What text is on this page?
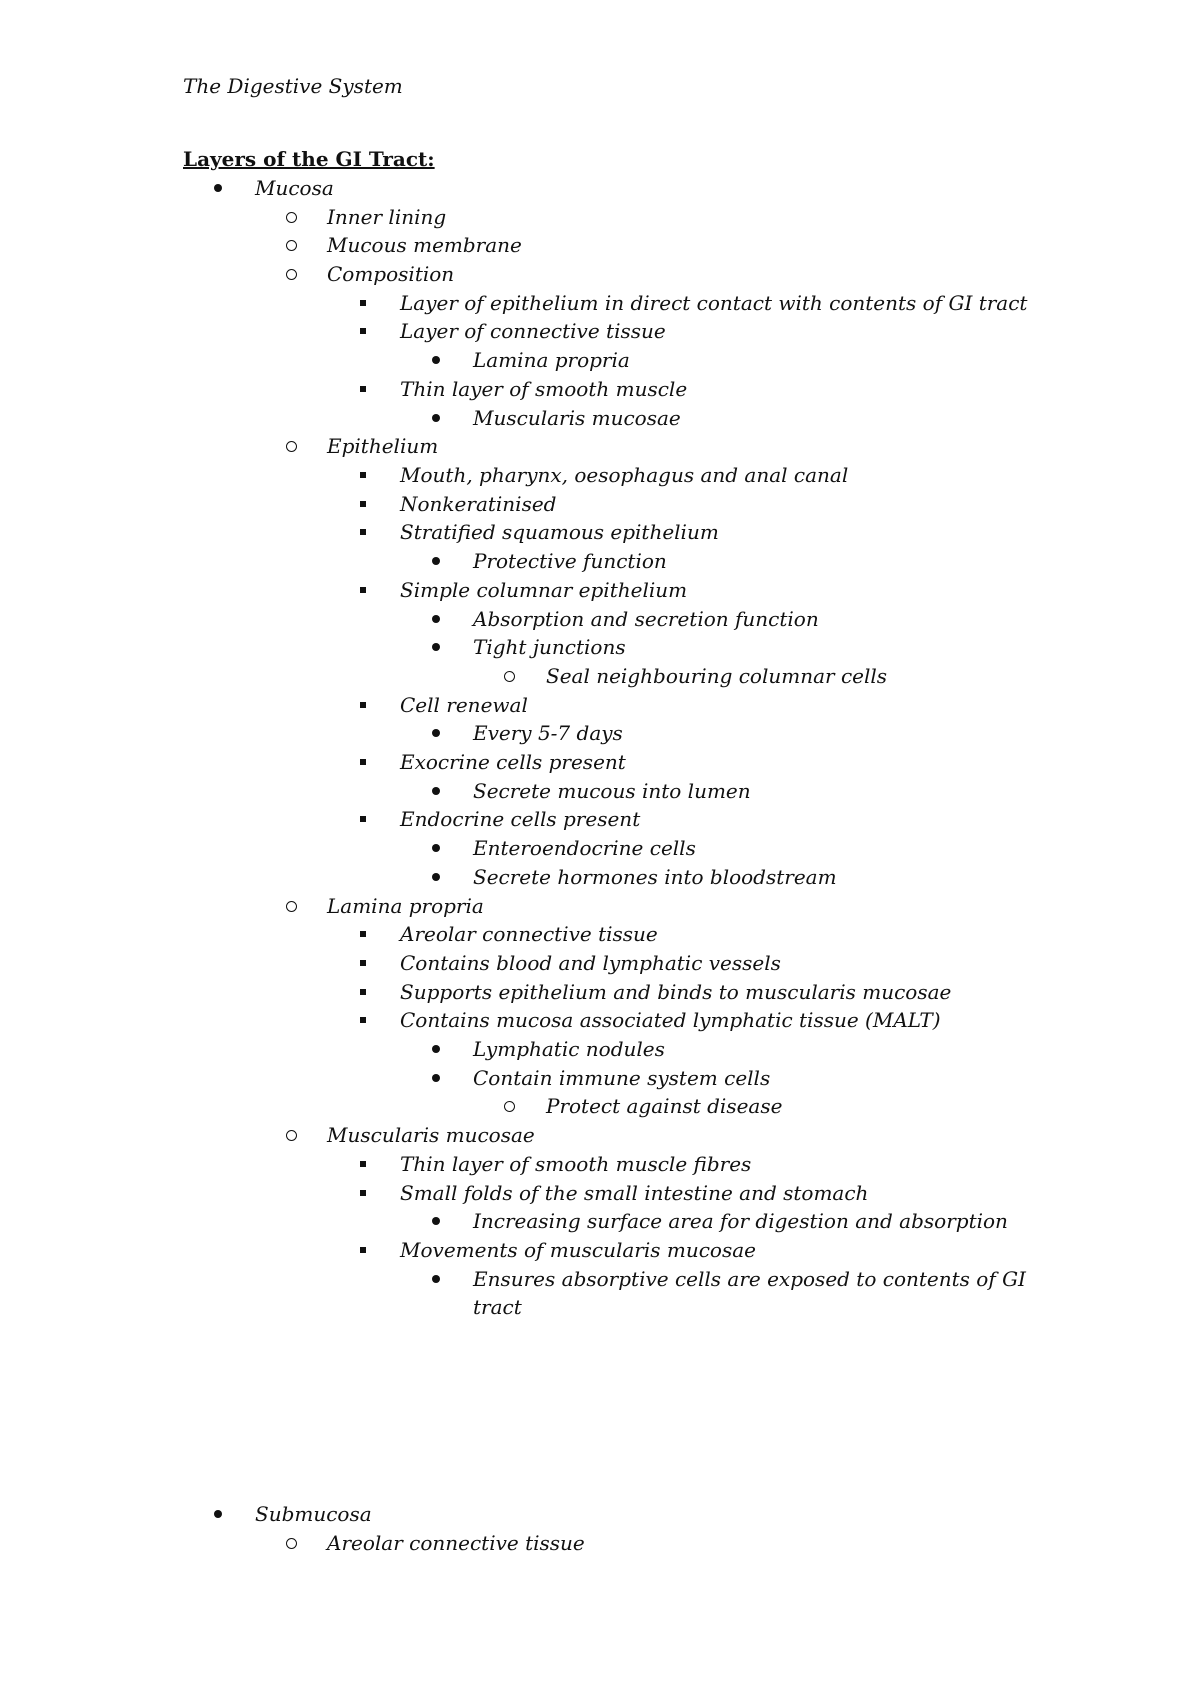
The Digestive System
Layers of the GI Tract:
Mucosa
Inner lining
Mucous membrane
Composition
Layer of epithelium in direct contact with contents of GI tract
Layer of connective tissue
Lamina propria
Thin layer of smooth muscle
Muscularis mucosae
Epithelium
Mouth, pharynx, oesophagus and anal canal
Nonkeratinised
Stratified squamous epithelium
Protective function
Simple columnar epithelium
Absorption and secretion function
Tight junctions
Seal neighbouring columnar cells
Cell renewal
Every 5-7 days
Exocrine cells present
Secrete mucous into lumen
Endocrine cells present
Enteroendocrine cells
Secrete hormones into bloodstream
Lamina propria
Areolar connective tissue
Contains blood and lymphatic vessels
Supports epithelium and binds to muscularis mucosae
Contains mucosa associated lymphatic tissue (MALT)
Lymphatic nodules
Contain immune system cells
Protect against disease
Muscularis mucosae
Thin layer of smooth muscle fibres
Small folds of the small intestine and stomach
Increasing surface area for digestion and absorption
Movements of muscularis mucosae
Ensures absorptive cells are exposed to contents of GI
tract
Submucosa
Areolar connective tissue
